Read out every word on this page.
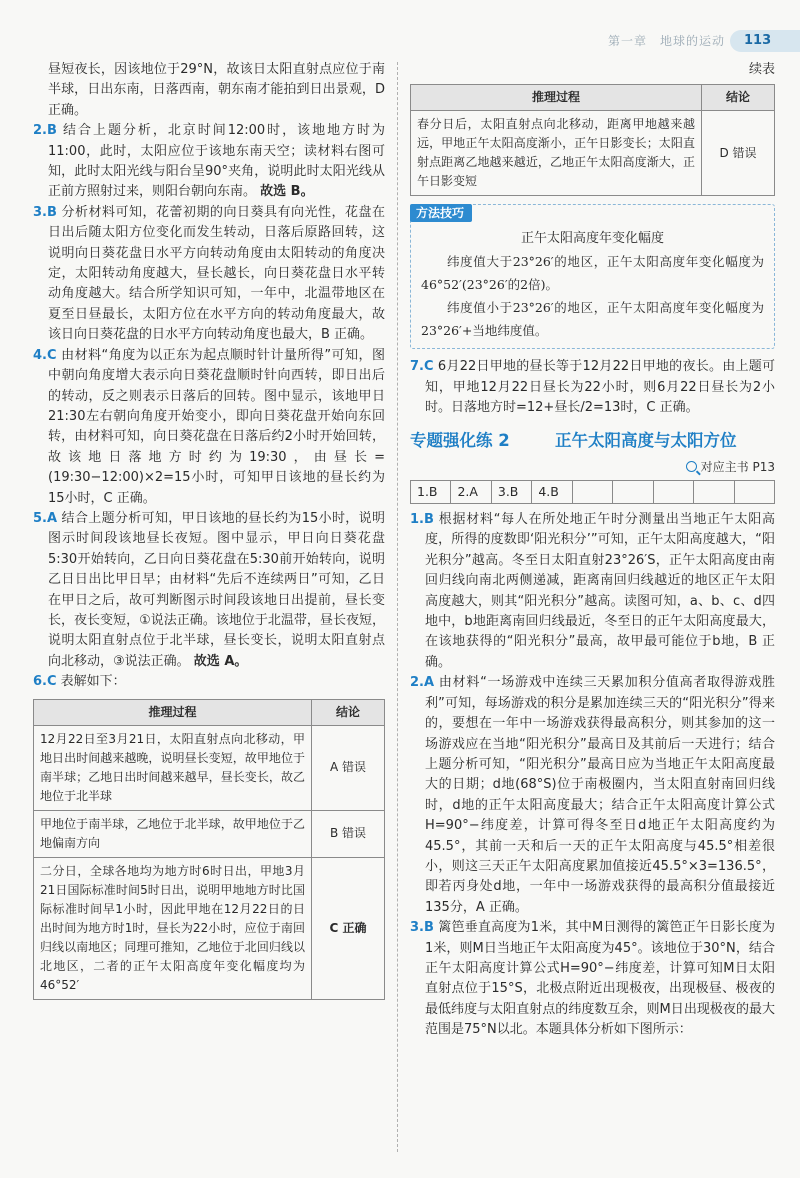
第一章　地球的运动	113

昼短夜长，因该地位于29°N，故该日太阳直射点应位于南半球，日出东南，日落西南，朝东南才能拍到日出景观，D 正确。

2.B 结合上题分析，北京时间12:00时，该地地方时为11:00，此时，太阳应位于该地东南天空；读材料右图可知，此时太阳光线与阳台呈90°夹角，说明此时太阳光线从正前方照射过来，则阳台朝向东南。 故选 B。

3.B 分析材料可知，花蕾初期的向日葵具有向光性，花盘在日出后随太阳方位变化而发生转动，日落后原路回转，这说明向日葵花盘日水平方向转动角度由太阳转动的角度决定，太阳转动角度越大，昼长越长，向日葵花盘日水平转动角度越大。结合所学知识可知，一年中，北温带地区在夏至日昼最长，太阳方位在水平方向的转动角度最大，故该日向日葵花盘的日水平方向转动角度也最大，B 正确。

4.C 由材料“角度为以正东为起点顺时针计量所得”可知，图中朝向角度增大表示向日葵花盘顺时针向西转，即日出后的转动，反之则表示日落后的回转。图中显示，该地甲日21:30左右朝向角度开始变小，即向日葵花盘开始向东回转，由材料可知，向日葵花盘在日落后约2小时开始回转，故该地日落地方时约为19:30，由昼长=(19:30−12:00)×2=15小时，可知甲日该地的昼长约为15小时，C 正确。

5.A 结合上题分析可知，甲日该地的昼长约为15小时，说明图示时间段该地昼长夜短。图中显示，甲日向日葵花盘5:30开始转向，乙日向日葵花盘在5:30前开始转向，说明乙日日出比甲日早；由材料“先后不连续两日”可知，乙日在甲日之后，故可判断图示时间段该地日出提前，昼长变长，夜长变短，①说法正确。该地位于北温带，昼长夜短，说明太阳直射点位于北半球，昼长变长，说明太阳直射点向北移动，③说法正确。 故选 A。

6.C 表解如下：

推理过程	结论
12月22日至3月21日，太阳直射点向北移动，甲地日出时间越来越晚，说明昼长变短，故甲地位于南半球；乙地日出时间越来越早，昼长变长，故乙地位于北半球	A 错误
甲地位于南半球，乙地位于北半球，故甲地位于乙地偏南方向	B 错误
二分日，全球各地均为地方时6时日出，甲地3月21日国际标准时间5时日出，说明甲地地方时比国际标准时间早1小时，因此甲地在12月22日的日出时间为地方时1时，昼长为22小时，应位于南回归线以南地区；同理可推知，乙地位于北回归线以北地区，二者的正午太阳高度年变化幅度均为46°52′	C 正确

续表

推理过程	结论
春分日后，太阳直射点向北移动，距离甲地越来越远，甲地正午太阳高度渐小，正午日影变长；太阳直射点距离乙地越来越近，乙地正午太阳高度渐大，正午日影变短	D 错误
方法技巧
正午太阳高度年变化幅度

纬度值大于23°26′的地区，正午太阳高度年变化幅度为46°52′(23°26′的2倍)。

纬度值小于23°26′的地区，正午太阳高度年变化幅度为23°26′+当地纬度值。

7.C 6月22日甲地的昼长等于12月22日甲地的夜长。由上题可知，甲地12月22日昼长为22小时，则6月22日昼长为2小时。日落地方时=12+昼长/2=13时，C 正确。

专题强化练 2	正午太阳高度与太阳方位

对应主书 P13

1.B	2.A	3.B	4.B

1.B 根据材料“每人在所处地正午时分测量出当地正午太阳高度，所得的度数即‘阳光积分’”可知，正午太阳高度越大，“阳光积分”越高。冬至日太阳直射23°26′S，正午太阳高度由南回归线向南北两侧递减，距离南回归线越近的地区正午太阳高度越大，则其“阳光积分”越高。读图可知，a、b、c、d四地中，b地距离南回归线最近，冬至日的正午太阳高度最大，在该地获得的“阳光积分”最高，故甲最可能位于b地，B 正确。

2.A 由材料“一场游戏中连续三天累加积分值高者取得游戏胜利”可知，每场游戏的积分是累加连续三天的“阳光积分”得来的，要想在一年中一场游戏获得最高积分，则其参加的这一场游戏应在当地“阳光积分”最高日及其前后一天进行；结合上题分析可知，“阳光积分”最高日应为当地正午太阳高度最大的日期；d地(68°S)位于南极圈内，当太阳直射南回归线时，d地的正午太阳高度最大；结合正午太阳高度计算公式H=90°−纬度差，计算可得冬至日d地正午太阳高度约为45.5°，其前一天和后一天的正午太阳高度与45.5°相差很小，则这三天正午太阳高度累加值接近45.5°×3=136.5°，即若丙身处d地，一年中一场游戏获得的最高积分值最接近135分，A 正确。

3.B 篱笆垂直高度为1米，其中M日测得的篱笆正午日影长度为1米，则M日当地正午太阳高度为45°。该地位于30°N，结合正午太阳高度计算公式H=90°−纬度差，计算可知M日太阳直射点位于15°S，北极点附近出现极夜，出现极昼、极夜的最低纬度与太阳直射点的纬度数互余，则M日出现极夜的最大范围是75°N以北。本题具体分析如下图所示：
